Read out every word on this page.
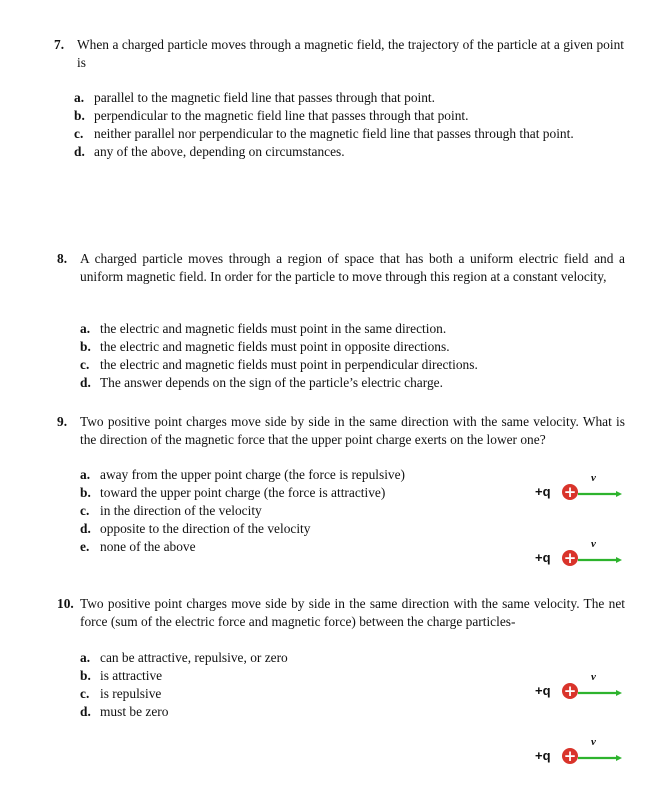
7. When a charged particle moves through a magnetic field, the trajectory of the particle at a given point is
a. parallel to the magnetic field line that passes through that point.
b. perpendicular to the magnetic field line that passes through that point.
c. neither parallel nor perpendicular to the magnetic field line that passes through that point.
d. any of the above, depending on circumstances.
8. A charged particle moves through a region of space that has both a uniform electric field and a uniform magnetic field. In order for the particle to move through this region at a constant velocity,
a. the electric and magnetic fields must point in the same direction.
b. the electric and magnetic fields must point in opposite directions.
c. the electric and magnetic fields must point in perpendicular directions.
d. The answer depends on the sign of the particle’s electric charge.
9. Two positive point charges move side by side in the same direction with the same velocity. What is the direction of the magnetic force that the upper point charge exerts on the lower one?
a. away from the upper point charge (the force is repulsive)
b. toward the upper point charge (the force is attractive)
c. in the direction of the velocity
d. opposite to the direction of the velocity
e. none of the above
+q +
v⃗
+q +
v⃗
10. Two positive point charges move side by side in the same direction with the same velocity. The net force (sum of the electric force and magnetic force) between the charge particles-
a. can be attractive, repulsive, or zero
b. is attractive
c. is repulsive
d. must be zero
+q +
v⃗
+q +
v⃗
